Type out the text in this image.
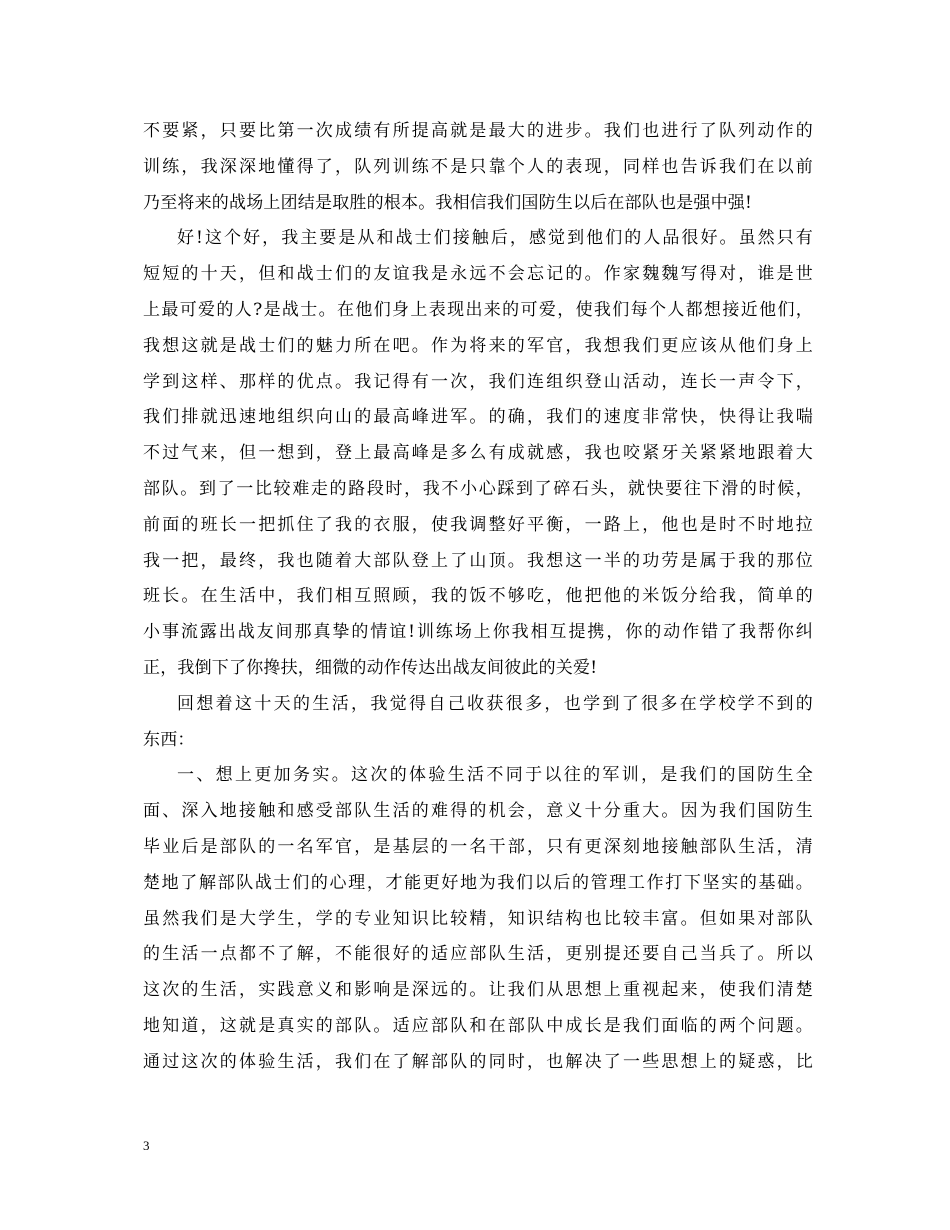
不要紧，只要比第一次成绩有所提高就是最大的进步。我们也进行了队列动作的
训练，我深深地懂得了，队列训练不是只靠个人的表现，同样也告诉我们在以前
乃至将来的战场上团结是取胜的根本。我相信我们国防生以后在部队也是强中强!
好!这个好，我主要是从和战士们接触后，感觉到他们的人品很好。虽然只有
短短的十天，但和战士们的友谊我是永远不会忘记的。作家魏魏写得对，谁是世
上最可爱的人?是战士。在他们身上表现出来的可爱，使我们每个人都想接近他们，
我想这就是战士们的魅力所在吧。作为将来的军官，我想我们更应该从他们身上
学到这样、那样的优点。我记得有一次，我们连组织登山活动，连长一声令下，
我们排就迅速地组织向山的最高峰进军。的确，我们的速度非常快，快得让我喘
不过气来，但一想到，登上最高峰是多么有成就感，我也咬紧牙关紧紧地跟着大
部队。到了一比较难走的路段时，我不小心踩到了碎石头，就快要往下滑的时候，
前面的班长一把抓住了我的衣服，使我调整好平衡，一路上，他也是时不时地拉
我一把，最终，我也随着大部队登上了山顶。我想这一半的功劳是属于我的那位
班长。在生活中，我们相互照顾，我的饭不够吃，他把他的米饭分给我，简单的
小事流露出战友间那真挚的情谊!训练场上你我相互提携，你的动作错了我帮你纠
正，我倒下了你搀扶，细微的动作传达出战友间彼此的关爱!
回想着这十天的生活，我觉得自己收获很多，也学到了很多在学校学不到的
东西：
一、想上更加务实。这次的体验生活不同于以往的军训，是我们的国防生全
面、深入地接触和感受部队生活的难得的机会，意义十分重大。因为我们国防生
毕业后是部队的一名军官，是基层的一名干部，只有更深刻地接触部队生活，清
楚地了解部队战士们的心理，才能更好地为我们以后的管理工作打下坚实的基础。
虽然我们是大学生，学的专业知识比较精，知识结构也比较丰富。但如果对部队
的生活一点都不了解，不能很好的适应部队生活，更别提还要自己当兵了。所以
这次的生活，实践意义和影响是深远的。让我们从思想上重视起来，使我们清楚
地知道，这就是真实的部队。适应部队和在部队中成长是我们面临的两个问题。
通过这次的体验生活，我们在了解部队的同时，也解决了一些思想上的疑惑，比
3
